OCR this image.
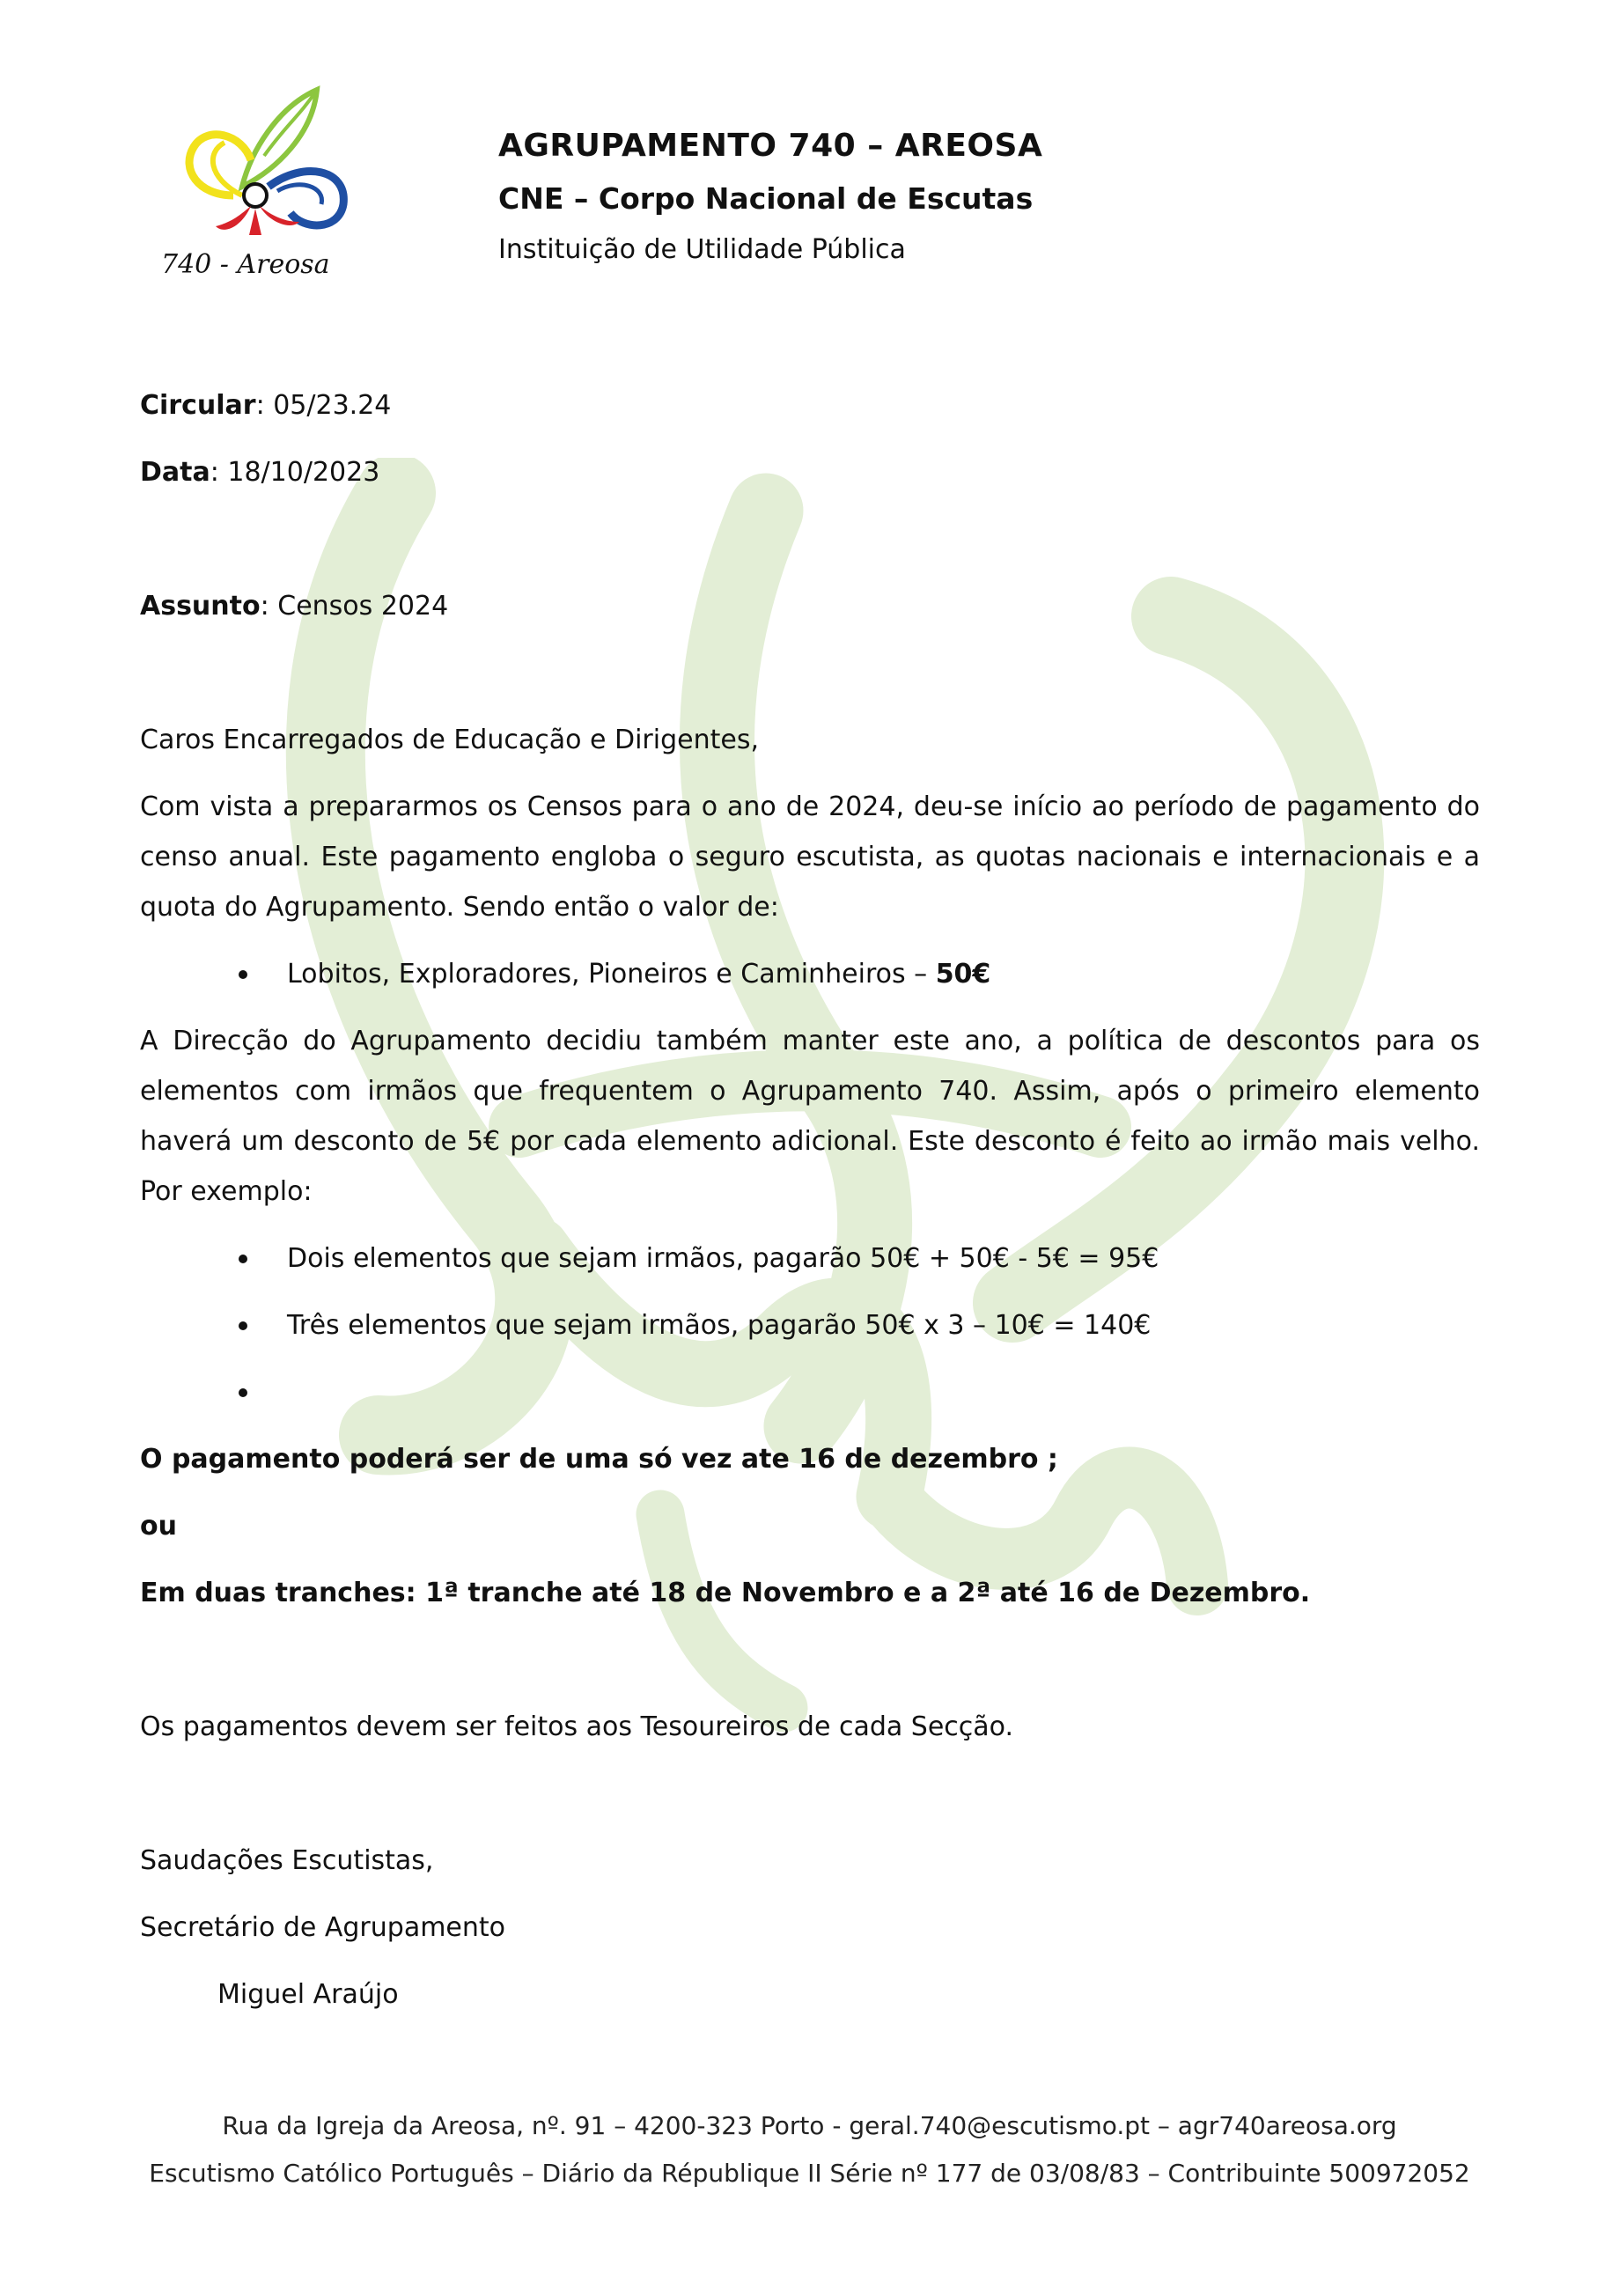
740 - Areosa
AGRUPAMENTO 740 – AREOSA
CNE – Corpo Nacional de Escutas
Instituição de Utilidade Pública
Circular: 05/23.24
Data: 18/10/2023
Assunto: Censos 2024
Caros Encarregados de Educação e Dirigentes,

Com vista a prepararmos os Censos para o ano de 2024, deu-se início ao período de pagamento do censo anual. Este pagamento engloba o seguro escutista, as quotas nacionais e internacionais e a quota do Agrupamento. Sendo então o valor de:

Lobitos, Exploradores, Pioneiros e Caminheiros – 50€

A Direcção do Agrupamento decidiu também manter este ano, a política de descontos para os elementos com irmãos que frequentem o Agrupamento 740. Assim, após o primeiro elemento haverá um desconto de 5€ por cada elemento adicional. Este desconto é feito ao irmão mais velho. Por exemplo:

Dois elementos que sejam irmãos, pagarão 50€ + 50€ - 5€ = 95€
Três elementos que sejam irmãos, pagarão 50€ x 3 – 10€ = 140€
O pagamento poderá ser de uma só vez ate 16 de dezembro ;
ou
Em duas tranches: 1ª tranche até 18 de Novembro e a 2ª até 16 de Dezembro.
Os pagamentos devem ser feitos aos Tesoureiros de cada Secção.
Saudações Escutistas,
Secretário de Agrupamento
Miguel Araújo
Rua da Igreja da Areosa, nº. 91 – 4200-323 Porto - geral.740@escutismo.pt – agr740areosa.org
Escutismo Católico Português – Diário da République II Série nº 177 de 03/08/83 – Contribuinte 500972052
